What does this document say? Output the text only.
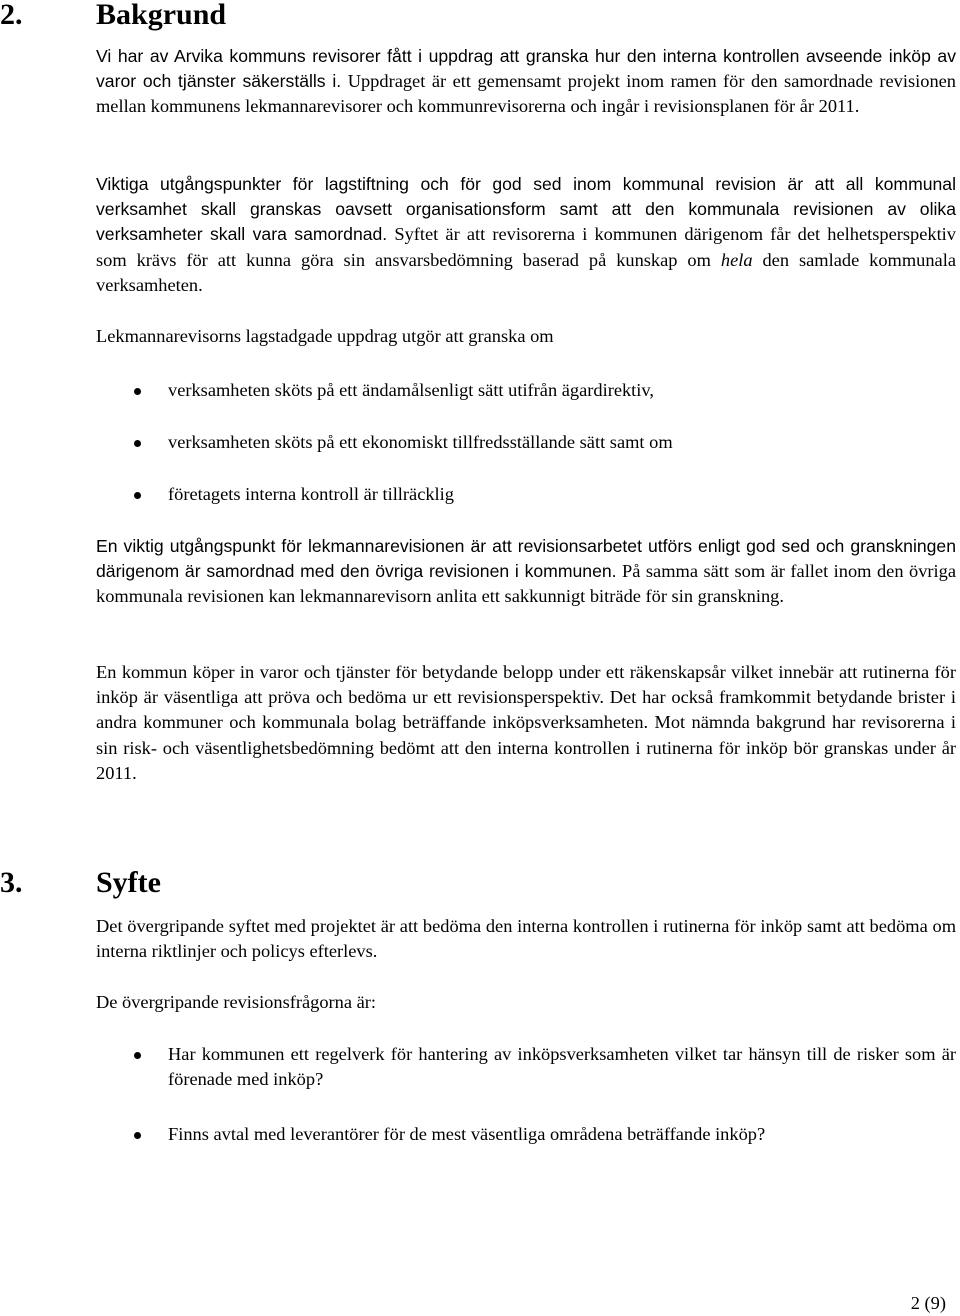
2. Bakgrund

Vi har av Arvika kommuns revisorer fått i uppdrag att granska hur den interna kontrollen avseende inköp av varor och tjänster säkerställs i. Uppdraget är ett gemensamt projekt inom ramen för den samordnade revisionen mellan kommunens lekmannarevisorer och kommunrevisorerna och ingår i revisionsplanen för år 2011.

Viktiga utgångspunkter för lagstiftning och för god sed inom kommunal revision är att all kommunal verksamhet skall granskas oavsett organisationsform samt att den kommunala revisionen av olika verksamheter skall vara samordnad. Syftet är att revisorerna i kommunen därigenom får det helhetsperspektiv som krävs för att kunna göra sin ansvarsbedömning baserad på kunskap om hela den samlade kommunala verksamheten.

Lekmannarevisorns lagstadgade uppdrag utgör att granska om

verksamheten sköts på ett ändamålsenligt sätt utifrån ägardirektiv,
verksamheten sköts på ett ekonomiskt tillfredsställande sätt samt om
företagets interna kontroll är tillräcklig

En viktig utgångspunkt för lekmannarevisionen är att revisionsarbetet utförs enligt god sed och granskningen därigenom är samordnad med den övriga revisionen i kommunen. På samma sätt som är fallet inom den övriga kommunala revisionen kan lekmannarevisorn anlita ett sakkunnigt biträde för sin granskning.

En kommun köper in varor och tjänster för betydande belopp under ett räkenskapsår vilket innebär att rutinerna för inköp är väsentliga att pröva och bedöma ur ett revisionsperspektiv. Det har också framkommit betydande brister i andra kommuner och kommunala bolag beträffande inköpsverksamheten. Mot nämnda bakgrund har revisorerna i sin risk- och väsentlighetsbedömning bedömt att den interna kontrollen i rutinerna för inköp bör granskas under år 2011.

3. Syfte

Det övergripande syftet med projektet är att bedöma den interna kontrollen i rutinerna för inköp samt att bedöma om interna riktlinjer och policys efterlevs.

De övergripande revisionsfrågorna är:

Har kommunen ett regelverk för hantering av inköpsverksamheten vilket tar hänsyn till de risker som är förenade med inköp?
Finns avtal med leverantörer för de mest väsentliga områdena beträffande inköp?
2 (9)
